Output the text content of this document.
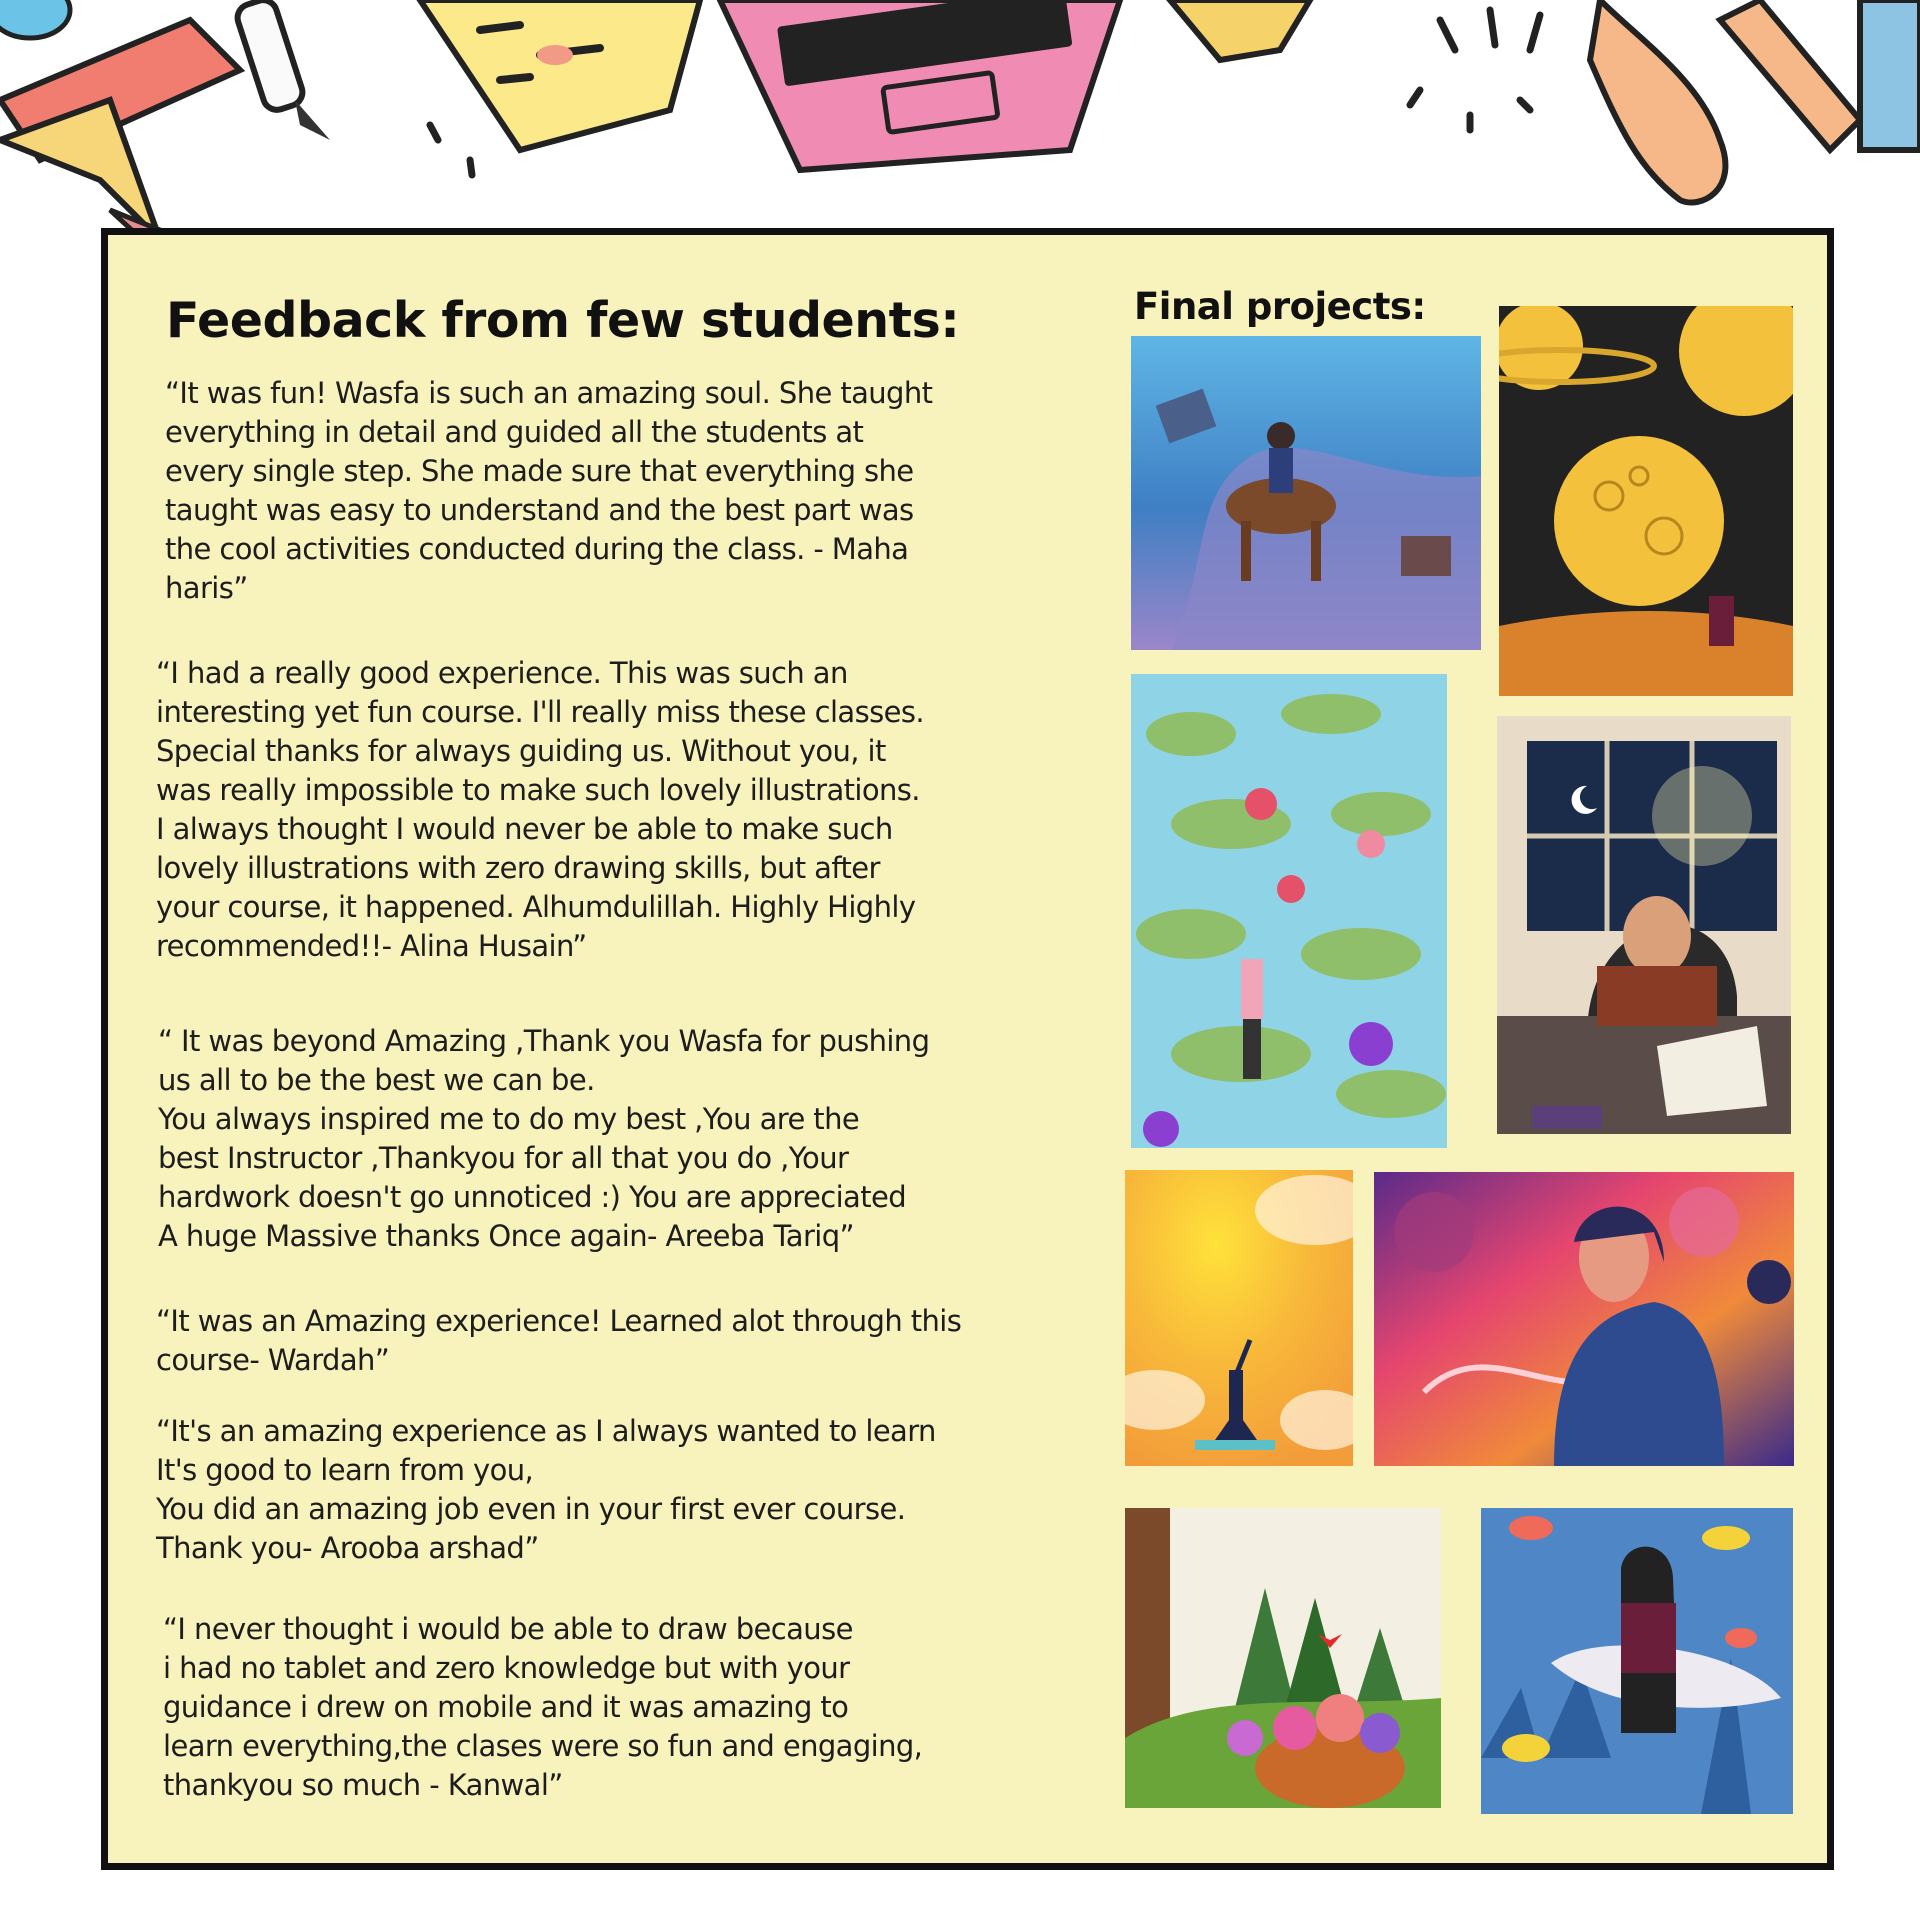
Feedback from few students:

“It was fun! Wasfa is such an amazing soul. She taught
everything in detail and guided all the students at
every single step. She made sure that everything she
taught was easy to understand and the best part was
the cool activities conducted during the class. - Maha
haris”

“I had a really good experience. This was such an
interesting yet fun course. I'll really miss these classes.
Special thanks for always guiding us. Without you, it
was really impossible to make such lovely illustrations.
I always thought I would never be able to make such
lovely illustrations with zero drawing skills, but after
your course, it happened. Alhumdulillah. Highly Highly
recommended!!- Alina Husain”

“ It was beyond Amazing ,Thank you Wasfa for pushing
us all to be the best we can be.
You always inspired me to do my best ,You are the
best Instructor ,Thankyou for all that you do ,Your
hardwork doesn't go unnoticed :) You are appreciated
A huge Massive thanks Once again- Areeba Tariq”

“It was an Amazing experience! Learned alot through this
course- Wardah”

“It's an amazing experience as I always wanted to learn
It's good to learn from you,
You did an amazing job even in your first ever course.
Thank you- Arooba arshad”

“I never thought i would be able to draw because
i had no tablet and zero knowledge but with your
guidance i drew on mobile and it was amazing to
learn everything,the clases were so fun and engaging,
thankyou so much - Kanwal”

Final projects:
